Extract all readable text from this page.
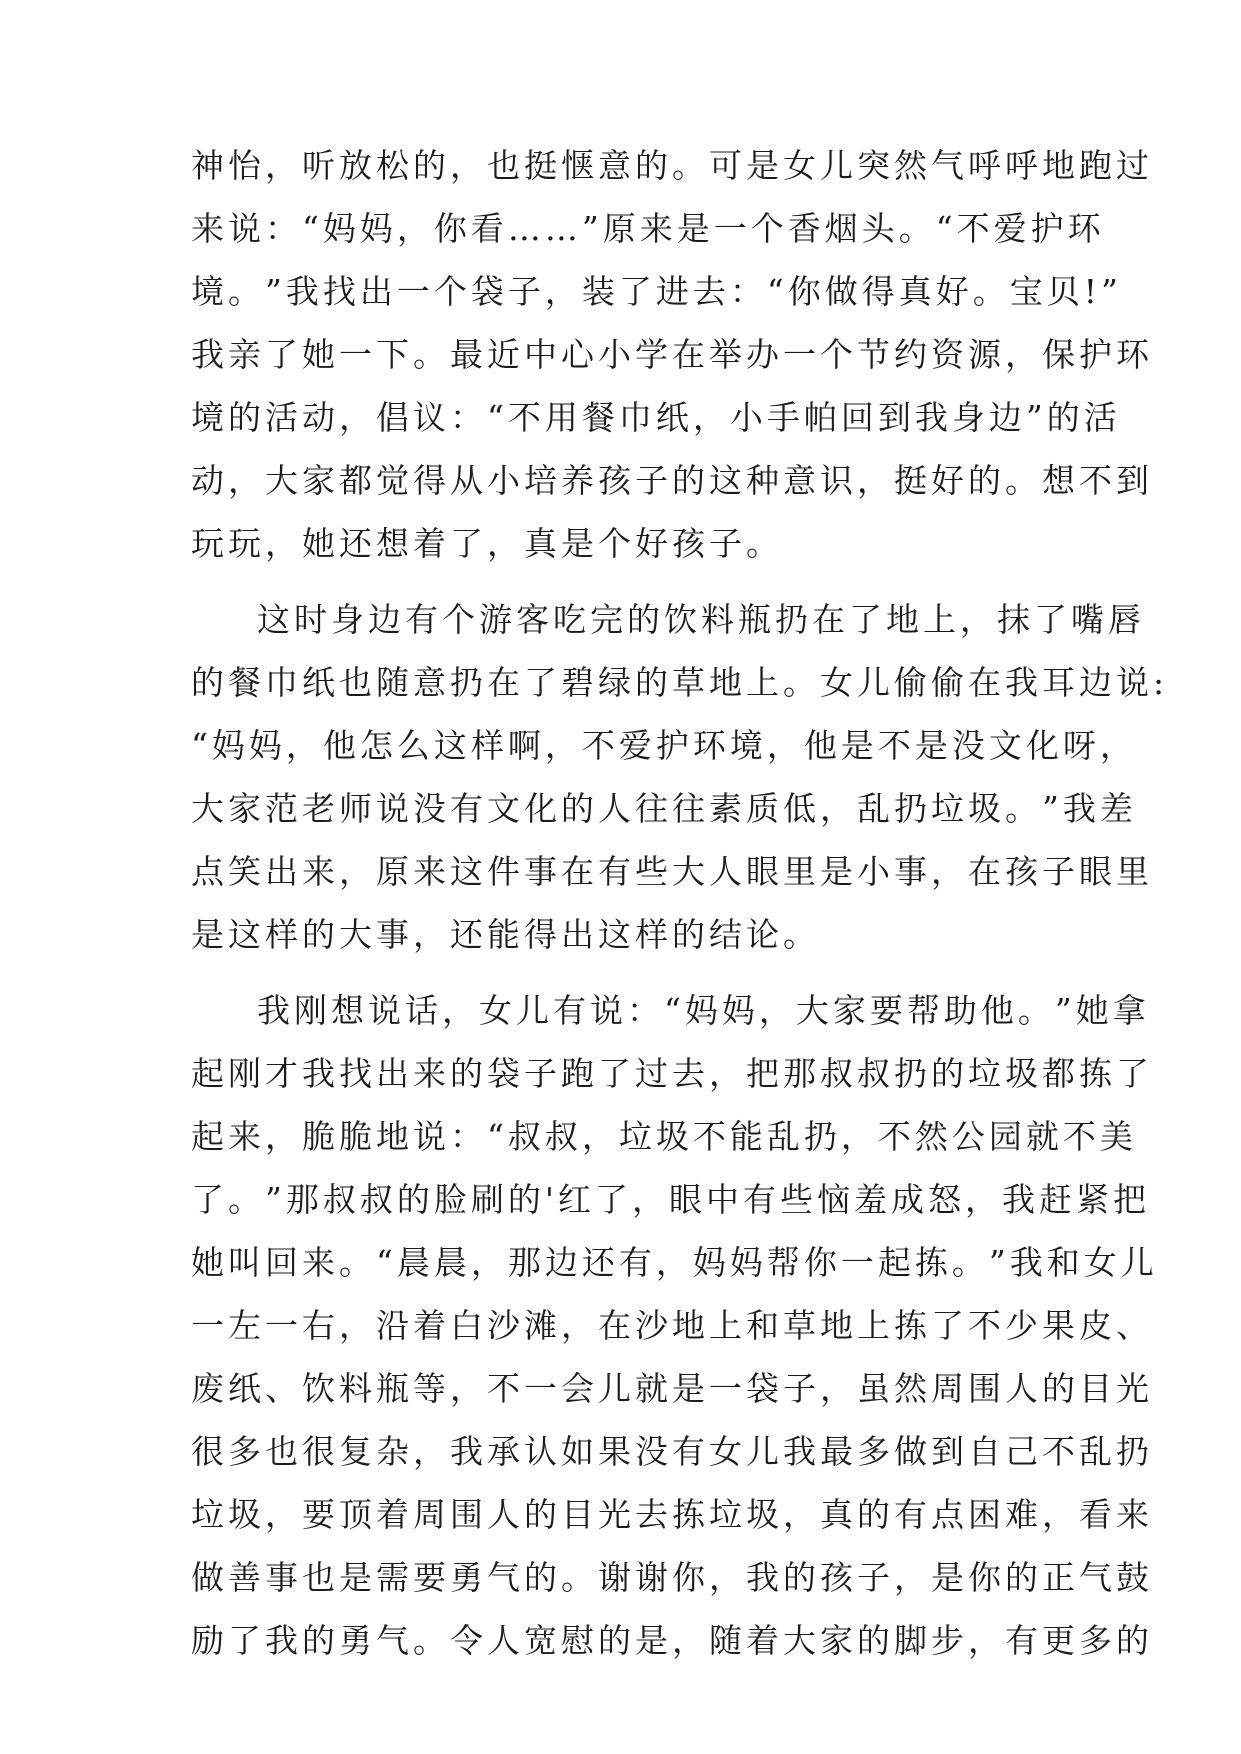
神 怡 ， 听 放 松 的 ， 也 挺 惬 意 的 。 可 是 女 儿 突 然 气 呼 呼 地 跑 过
来 说 ： “ 妈 妈 ， 你 看 … … ” 原 来 是 一 个 香 烟 头 。 “ 不 爱 护 环
境 。 ” 我 找 出 一 个 袋 子 ， 装 了 进 去 ： “ 你 做 得 真 好 。 宝 贝 ! ”
我 亲 了 她 一 下 。 最 近 中 心 小 学 在 举 办 一 个 节 约 资 源 ， 保 护 环
境 的 活 动 ， 倡 议 ： “ 不 用 餐 巾 纸 ， 小 手 帕 回 到 我 身 边 ” 的 活
动 ， 大 家 都 觉 得 从 小 培 养 孩 子 的 这 种 意 识 ， 挺 好 的 。 想 不 到
玩玩，她还想着了，真是个好孩子。
这 时 身 边 有 个 游 客 吃 完 的 饮 料 瓶 扔 在 了 地 上 ， 抹 了 嘴 唇
的 餐 巾 纸 也 随 意 扔 在 了 碧 绿 的 草 地 上 。 女 儿 偷 偷 在 我 耳 边 说 :
“ 妈 妈 ， 他 怎 么 这 样 啊 ， 不 爱 护 环 境 ， 他 是 不 是 没 文 化 呀 ，
大 家 范 老 师 说 没 有 文 化 的 人 往 往 素 质 低 ， 乱 扔 垃 圾 。 ” 我 差
点 笑 出 来 ， 原 来 这 件 事 在 有 些 大 人 眼 里 是 小 事 ， 在 孩 子 眼 里
是这样的大事，还能得出这样的结论。
我 刚 想 说 话 ， 女 儿 有 说 ： “ 妈 妈 ， 大 家 要 帮 助 他 。 ” 她 拿
起 刚 才 我 找 出 来 的 袋 子 跑 了 过 去 ， 把 那 叔 叔 扔 的 垃 圾 都 拣 了
起 来 ， 脆 脆 地 说 ： “ 叔 叔 ， 垃 圾 不 能 乱 扔 ， 不 然 公 园 就 不 美
了 。 ” 那 叔 叔 的 脸 刷 的 ' 红 了 ， 眼 中 有 些 恼 羞 成 怒 ， 我 赶 紧 把
她 叫 回 来 。 “ 晨 晨 ， 那 边 还 有 ， 妈 妈 帮 你 一 起 拣 。 ” 我 和 女 儿
一 左 一 右 ， 沿 着 白 沙 滩 ， 在 沙 地 上 和 草 地 上 拣 了 不 少 果 皮 、
废 纸 、 饮 料 瓶 等 ， 不 一 会 儿 就 是 一 袋 子 ， 虽 然 周 围 人 的 目 光
很 多 也 很 复 杂 ， 我 承 认 如 果 没 有 女 儿 我 最 多 做 到 自 己 不 乱 扔
垃 圾 ， 要 顶 着 周 围 人 的 目 光 去 拣 垃 圾 ， 真 的 有 点 困 难 ， 看 来
做 善 事 也 是 需 要 勇 气 的 。 谢 谢 你 ， 我 的 孩 子 ， 是 你 的 正 气 鼓
励 了 我 的 勇 气 。 令 人 宽 慰 的 是 ， 随 着 大 家 的 脚 步 ， 有 更 多 的
